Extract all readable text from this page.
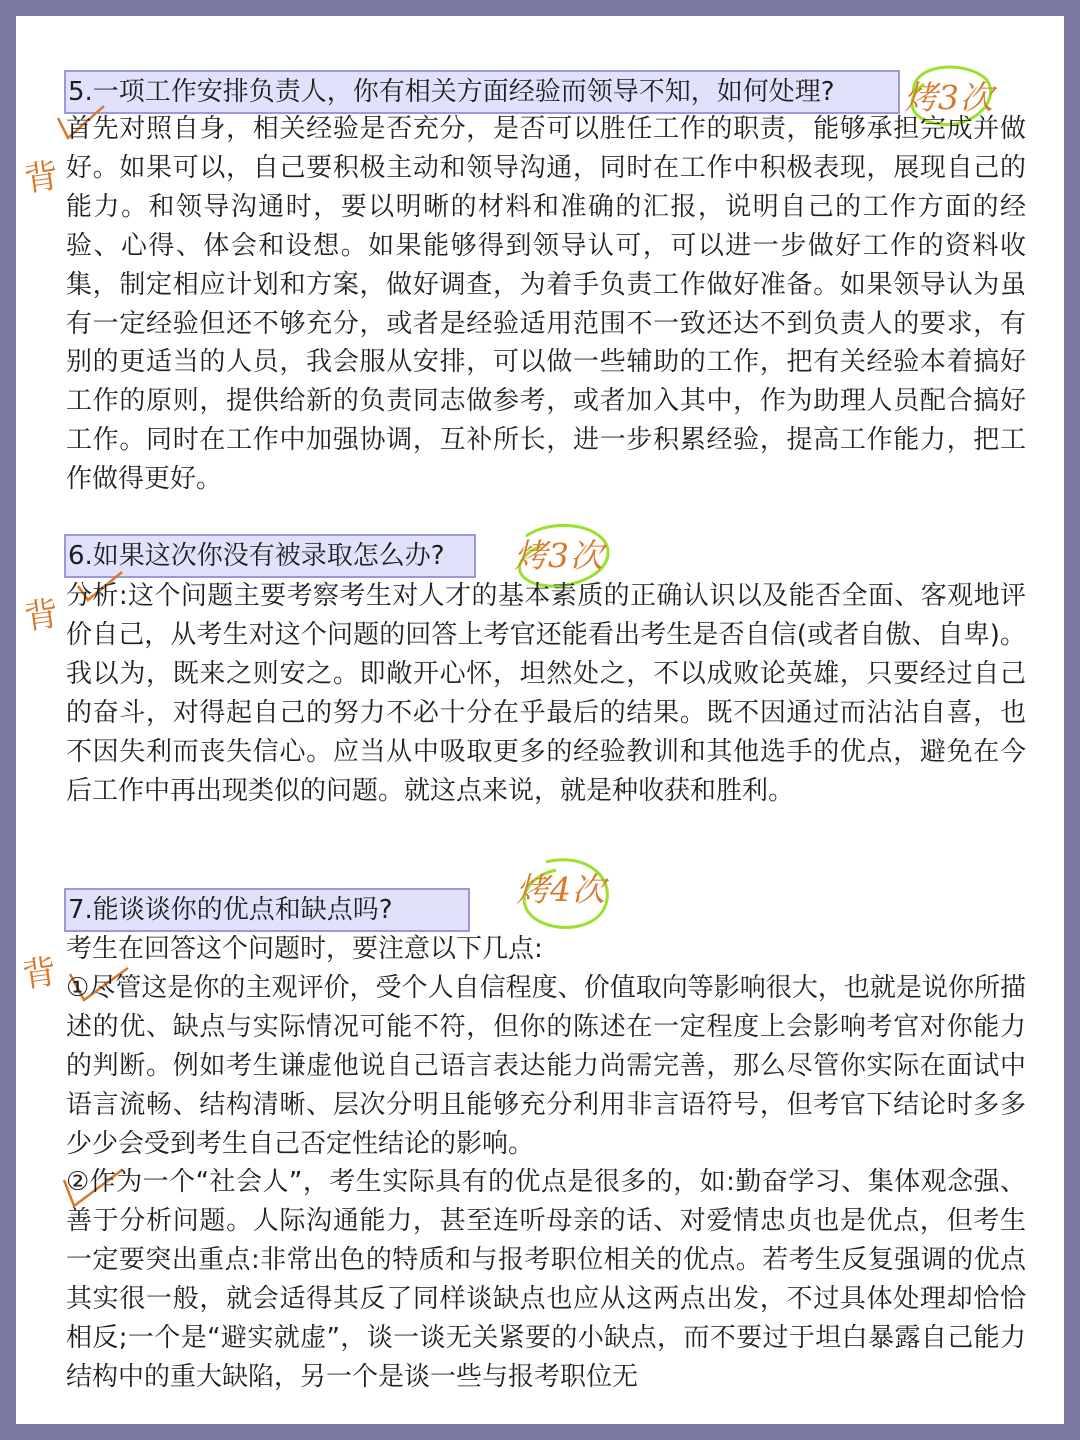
5.一项工作安排负责人，你有相关方面经验而领导不知，如何处理?	烤3次
背

首先对照自身，相关经验是否充分，是否可以胜任工作的职责，能够承担完成并做好。如果可以，自己要积极主动和领导沟通，同时在工作中积极表现，展现自己的能力。和领导沟通时，要以明晰的材料和准确的汇报，说明自己的工作方面的经验、心得、体会和设想。如果能够得到领导认可，可以进一步做好工作的资料收集，制定相应计划和方案，做好调查，为着手负责工作做好准备。如果领导认为虽有一定经验但还不够充分，或者是经验适用范围不一致还达不到负责人的要求，有别的更适当的人员，我会服从安排，可以做一些辅助的工作，把有关经验本着搞好工作的原则，提供给新的负责同志做参考，或者加入其中，作为助理人员配合搞好工作。同时在工作中加强协调，互补所长，进一步积累经验，提高工作能力，把工作做得更好。

6.如果这次你没有被录取怎么办?	烤3次
背 分析:这个问题主要考察考生对人才的基本素质的正确认识以及能否全面、客观地评价自己，从考生对这个问题的回答上考官还能看出考生是否自信(或者自傲、自卑)。我以为，既来之则安之。即敞开心怀，坦然处之，不以成败论英雄，只要经过自己的奋斗，对得起自己的努力不必十分在乎最后的结果。既不因通过而沾沾自喜，也不因失利而丧失信心。应当从中吸取更多的经验教训和其他选手的优点，避免在今后工作中再出现类似的问题。就这点来说，就是种收获和胜利。

7.能谈谈你的优点和缺点吗?
烤4次
背

考生在回答这个问题时，要注意以下几点:

①尽管这是你的主观评价，受个人自信程度、价值取向等影响很大，也就是说你所描述的优、缺点与实际情况可能不符，但你的陈述在一定程度上会影响考官对你能力的判断。例如考生谦虚他说自己语言表达能力尚需完善，那么尽管你实际在面试中语言流畅、结构清晰、层次分明且能够充分利用非言语符号，但考官下结论时多多少少会受到考生自己否定性结论的影响。

②作为一个“社会人”，考生实际具有的优点是很多的，如:勤奋学习、集体观念强、善于分析问题。人际沟通能力，甚至连听母亲的话、对爱情忠贞也是优点，但考生一定要突出重点:非常出色的特质和与报考职位相关的优点。若考生反复强调的优点其实很一般，就会适得其反了同样谈缺点也应从这两点出发，不过具体处理却恰恰相反;一个是“避实就虚”，谈一谈无关紧要的小缺点，而不要过于坦白暴露自己能力结构中的重大缺陷，另一个是谈一些与报考职位无
